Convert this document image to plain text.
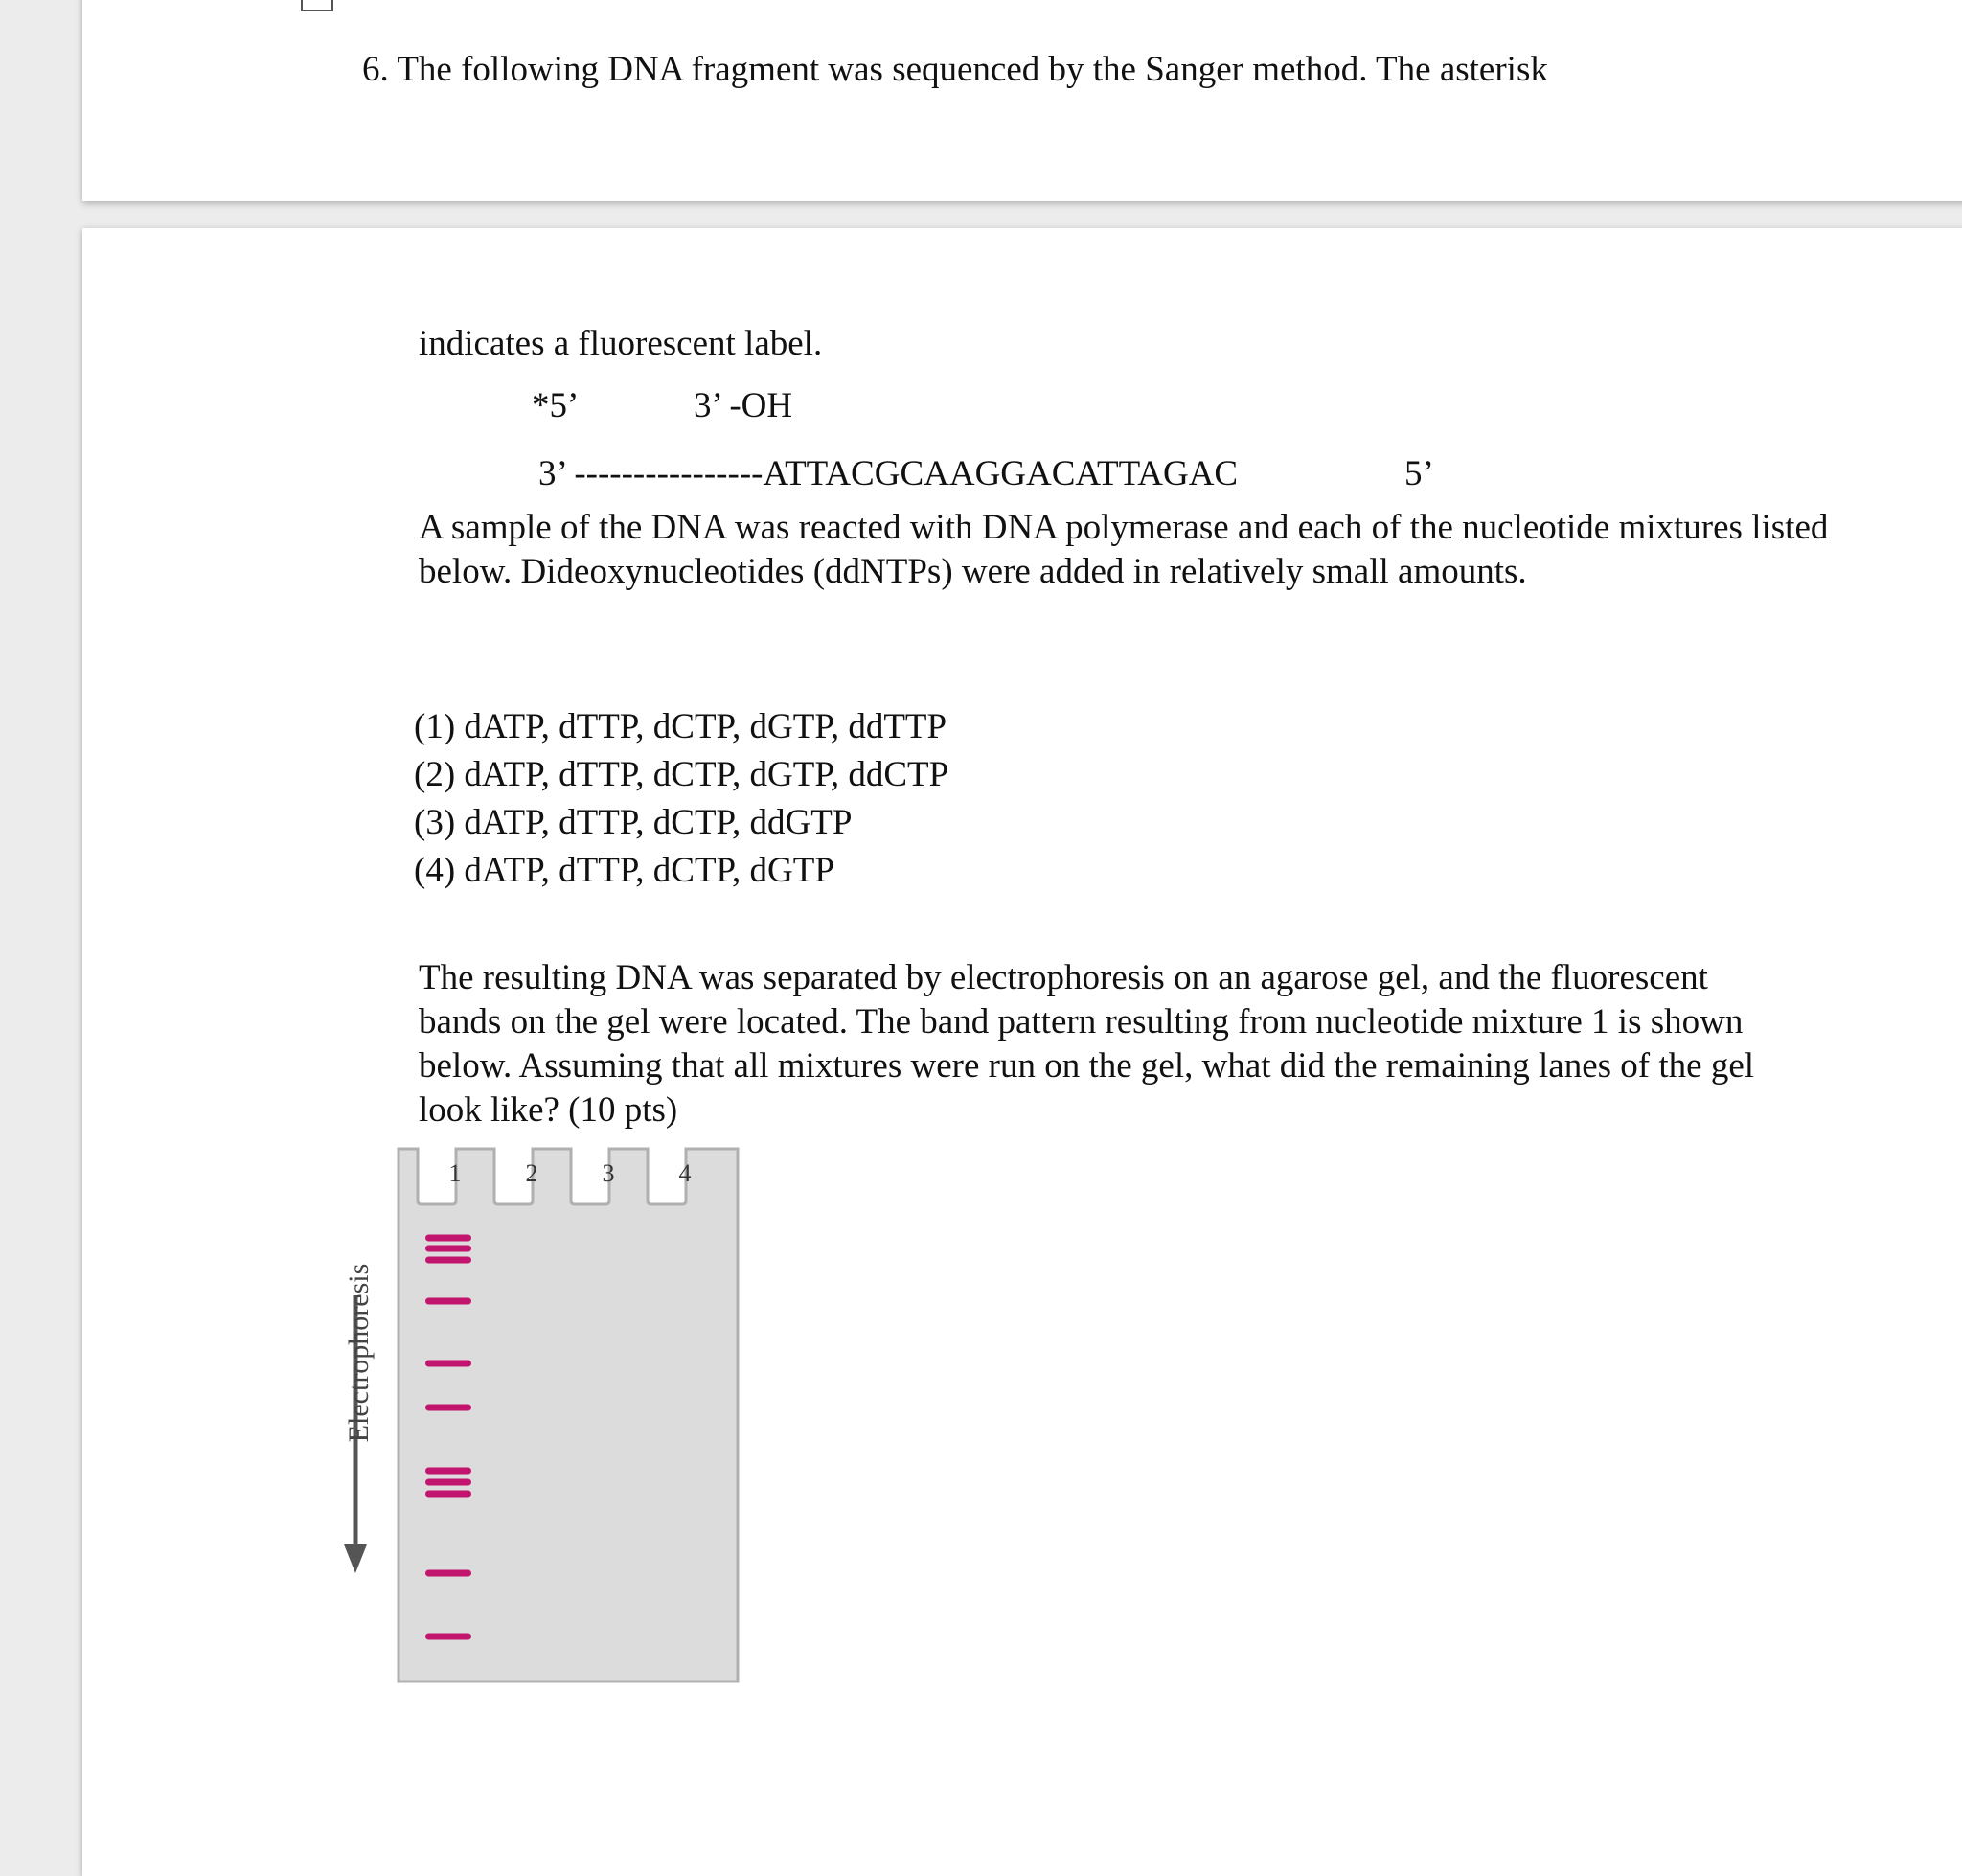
6. The following DNA fragment was sequenced by the Sanger method. The asterisk
indicates a fluorescent label.
*5’	3’ -OH
3’ ----------------ATTACGCAAGGACATTAGAC	5’
A sample of the DNA was reacted with DNA polymerase and each of the nucleotide mixtures listed below. Dideoxynucleotides (ddNTPs) were added in relatively small amounts.
(1) dATP, dTTP, dCTP, dGTP, ddTTP
(2) dATP, dTTP, dCTP, dGTP, ddCTP
(3) dATP, dTTP, dCTP, ddGTP
(4) dATP, dTTP, dCTP, dGTP
The resulting DNA was separated by electrophoresis on an agarose gel, and the fluorescent bands on the gel were located. The band pattern resulting from nucleotide mixture 1 is shown below. Assuming that all mixtures were run on the gel, what did the remaining lanes of the gel look like? (10 pts)
1	2	3	4
Electrophoresis
